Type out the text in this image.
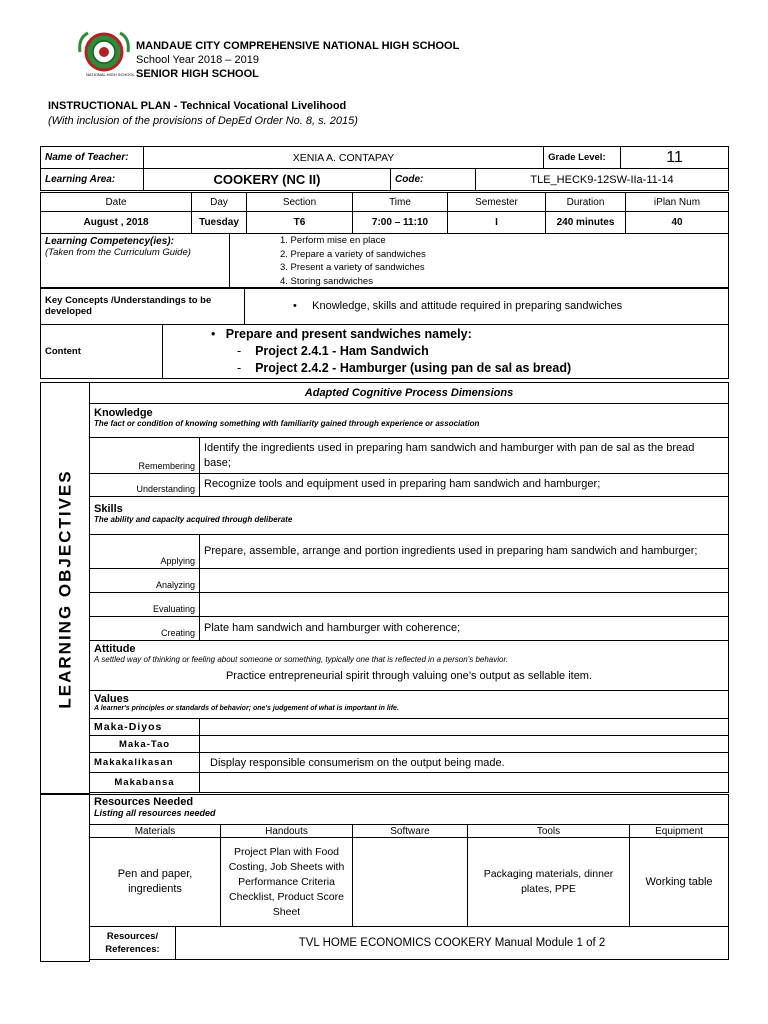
NATIONAL HIGH SCHOOL
MANDAUE CITY COMPREHENSIVE NATIONAL HIGH SCHOOL
School Year 2018 – 2019
SENIOR HIGH SCHOOL
INSTRUCTIONAL PLAN - Technical Vocational Livelihood
(With inclusion of the provisions of DepEd Order No. 8, s. 2015)
Name of Teacher:	XENIA A. CONTAPAY			Grade Level:	11
Learning Area:	COOKERY (NC II)	Code:	TLE_HECK9-12SW-IIa-11-14		
Date	Day	Section	Time	Semester	Duration	iPlan Num
August , 2018	Tuesday	T6	7:00 – 11:10	I	240 minutes	40
Learning Competency(ies):
(Taken from the Curriculum Guide)

1. Perform mise en place
2. Prepare a variety of sandwiches
3. Present a variety of sandwiches
4. Storing sandwiches
Key Concepts /Understandings to be developed	•     Knowledge, skills and attitude required in preparing sandwiches
Content	
•   Prepare and present sandwiches namely:
-    Project 2.4.1 - Ham Sandwich
-    Project 2.4.2 - Hamburger (using pan de sal as bread)
LEARNING OBJECTIVES
Adapted Cognitive Process Dimensions	

Knowledge
The fact or condition of knowing something with familiarity gained through experience or association	

Remembering	Identify the ingredients used in preparing ham sandwich and hamburger with pan de sal as the bread base;
Understanding	Recognize tools and equipment used in preparing ham sandwich and hamburger;

Skills
The ability and capacity acquired through deliberate	

Applying	Prepare, assemble, arrange and portion ingredients used in preparing ham sandwich and hamburger;
Analyzing	
Evaluating	
Creating	Plate ham sandwich and hamburger with coherence;

Attitude
A settled way of thinking or feeling about someone or something, typically one that is reflected in a person's behavior.
Practice entrepreneurial spirit through valuing one’s output as sellable item.	

Values
A learner's principles or standards of behavior; one's judgement of what is important in life.	

Maka-Diyos	
Maka-Tao	
Makakalikasan	Display responsible consumerism on the output being made.
Makabansa	
Resources Needed
Listing all resources needed					

Materials		Handouts	Software	Tools	Equipment
Pen and paper, ingredients		Project Plan with Food Costing, Job Sheets with Performance Criteria Checklist, Product Score Sheet		Packaging materials, dinner plates, PPE	Working table
Resources/ References:	TVL HOME ECONOMICS COOKERY Manual Module 1 of 2				
